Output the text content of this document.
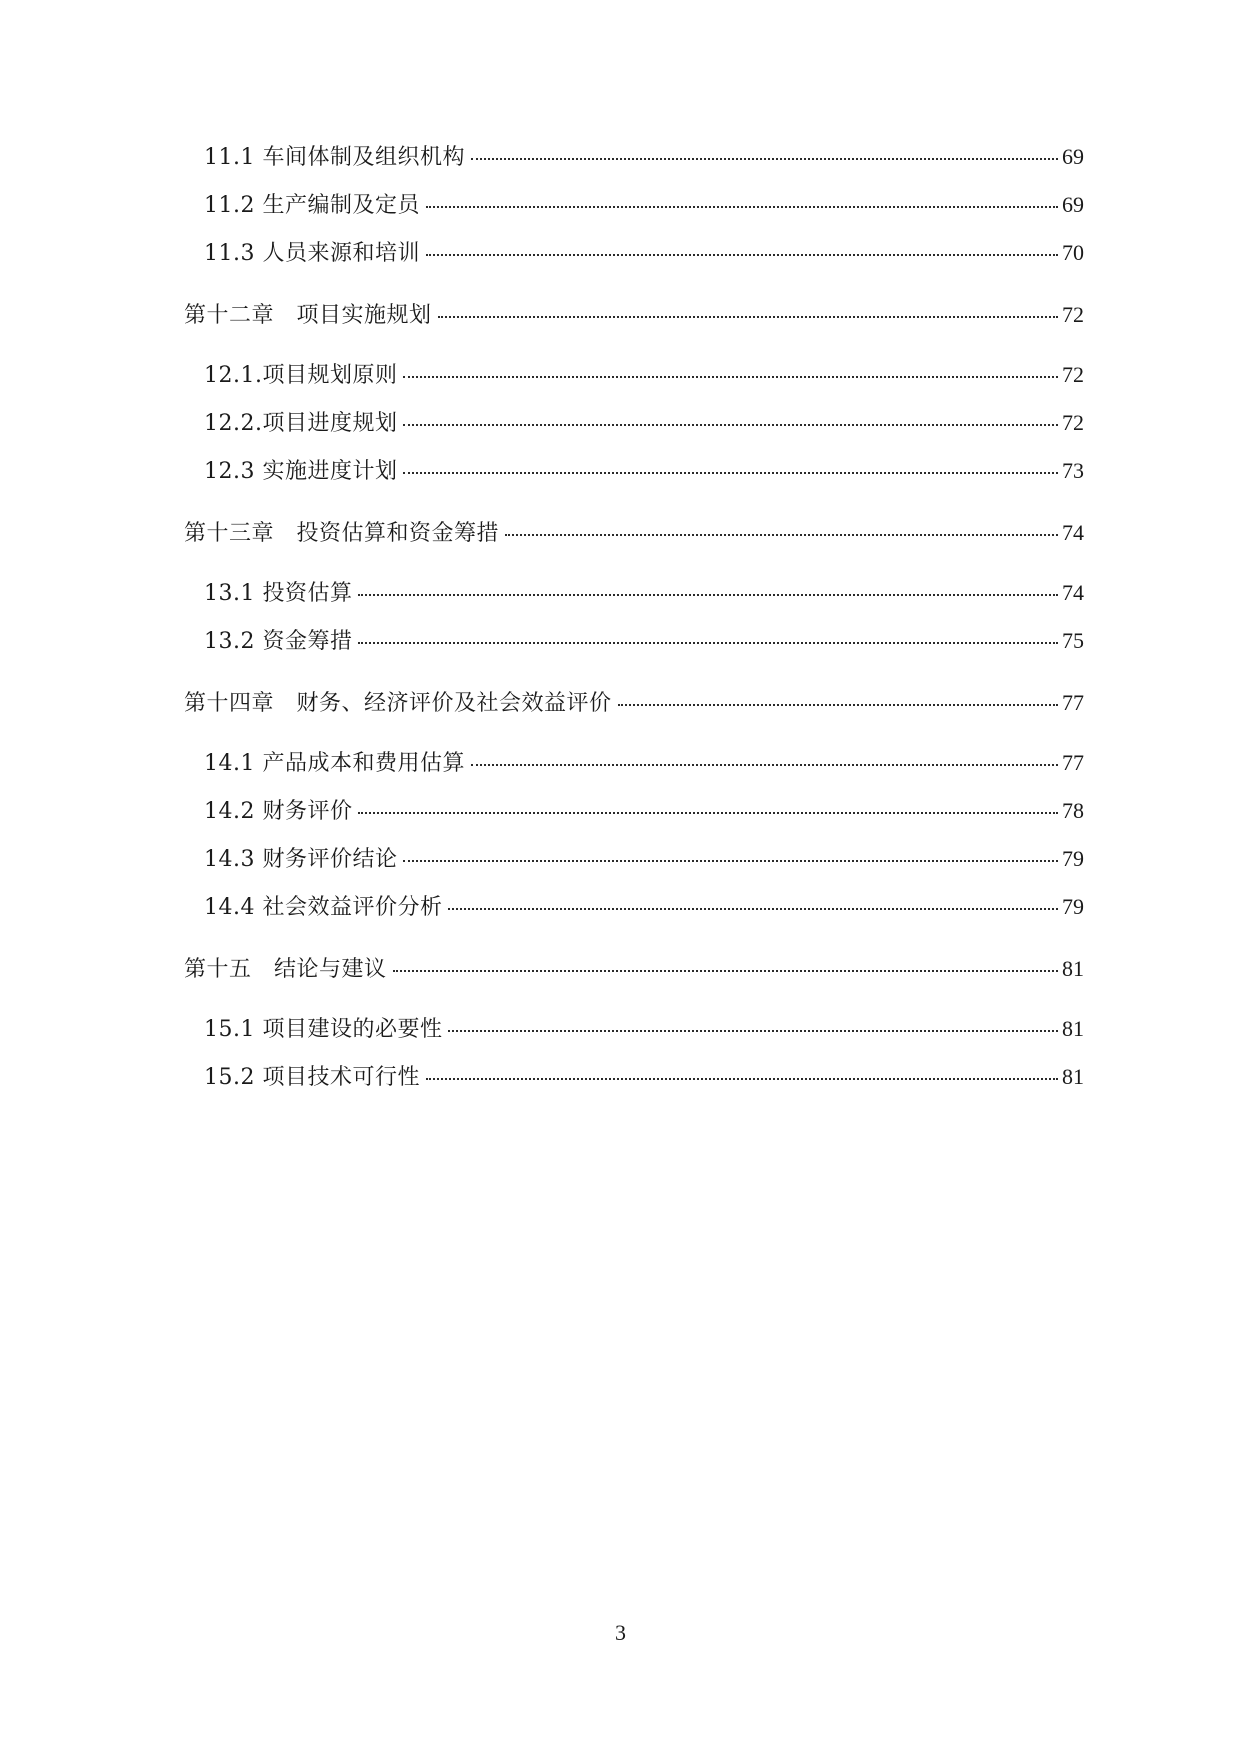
11.1 车间体制及组织机构	69
11.2 生产编制及定员	69
11.3 人员来源和培训	70
第十二章　项目实施规划	72
12.1.项目规划原则	72
12.2.项目进度规划	72
12.3 实施进度计划	73
第十三章　投资估算和资金筹措	74
13.1 投资估算	74
13.2 资金筹措	75
第十四章　财务、经济评价及社会效益评价	77
14.1 产品成本和费用估算	77
14.2 财务评价	78
14.3 财务评价结论	79
14.4 社会效益评价分析	79
第十五　结论与建议	81
15.1 项目建设的必要性	81
15.2 项目技术可行性	81
3
